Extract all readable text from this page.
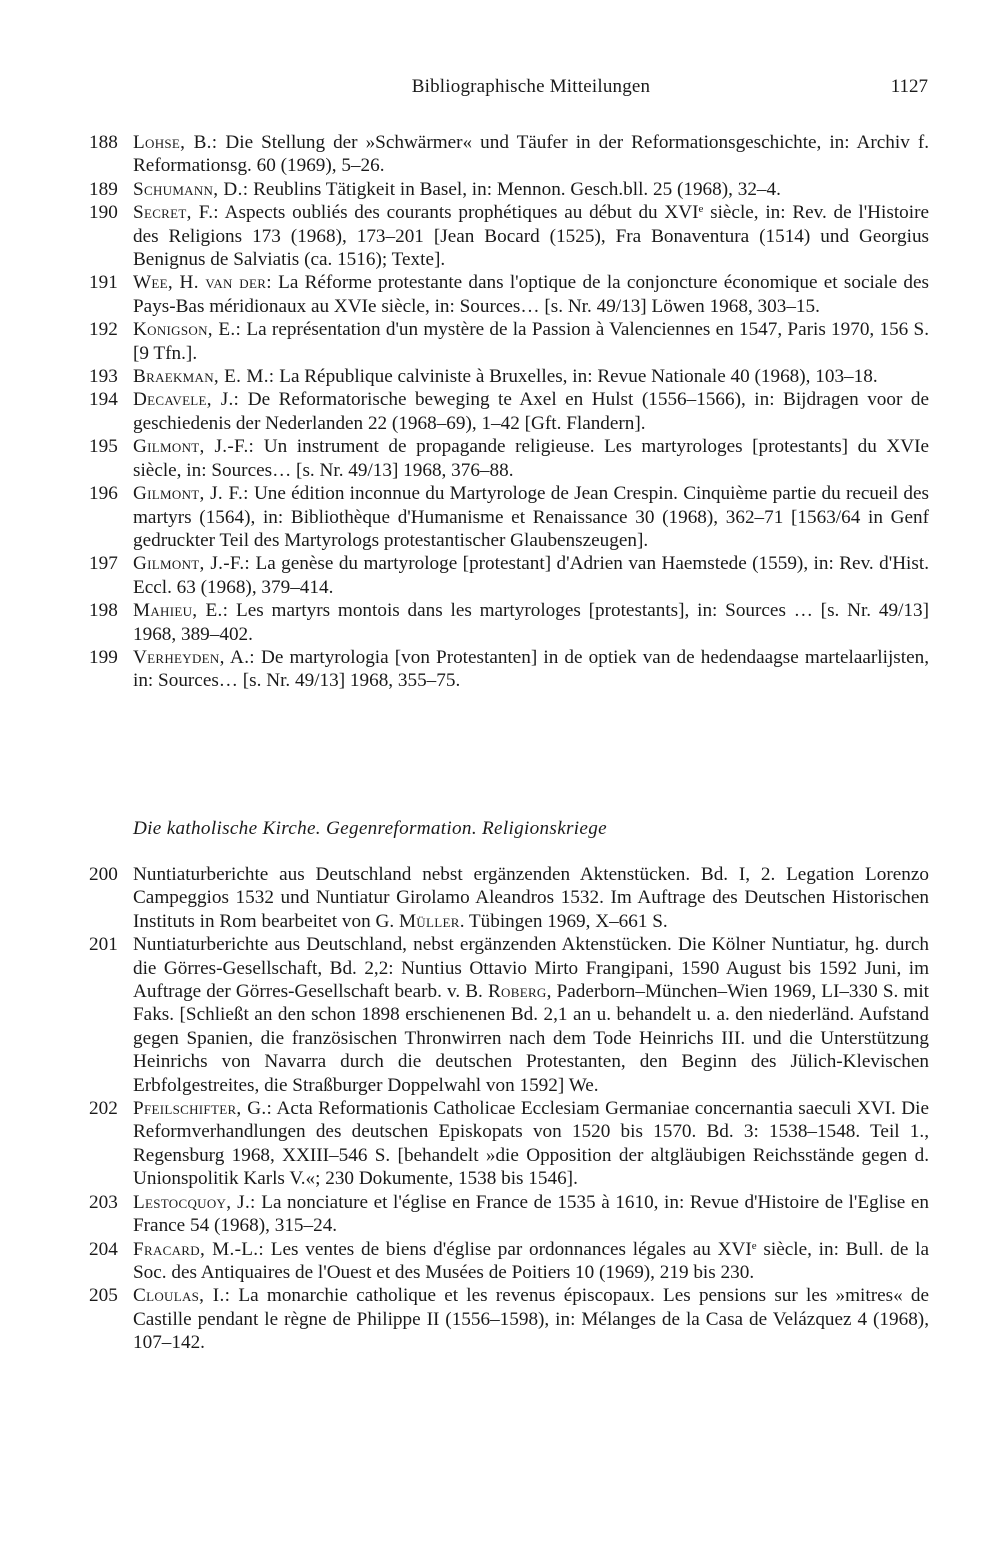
Bibliographische Mitteilungen	1127
188 Lohse, B.: Die Stellung der »Schwärmer« und Täufer in der Reformationsgeschichte, in: Archiv f. Reformationsg. 60 (1969), 5–26.
189 Schumann, D.: Reublins Tätigkeit in Basel, in: Mennon. Gesch.bll. 25 (1968), 32–4.
190 Secret, F.: Aspects oubliés des courants prophétiques au début du XVIe siècle, in: Rev. de l'Histoire des Religions 173 (1968), 173–201 [Jean Bocard (1525), Fra Bonaventura (1514) und Georgius Benignus de Salviatis (ca. 1516); Texte].
191 Wee, H. van der: La Réforme protestante dans l'optique de la conjoncture économique et sociale des Pays-Bas méridionaux au XVIe siècle, in: Sources… [s. Nr. 49/13] Löwen 1968, 303–15.
192 Konigson, E.: La représentation d'un mystère de la Passion à Valenciennes en 1547, Paris 1970, 156 S. [9 Tfn.].
193 Braekman, E. M.: La République calviniste à Bruxelles, in: Revue Nationale 40 (1968), 103–18.
194 Decavele, J.: De Reformatorische beweging te Axel en Hulst (1556–1566), in: Bijdragen voor de geschiedenis der Nederlanden 22 (1968–69), 1–42 [Gft. Flandern].
195 Gilmont, J.-F.: Un instrument de propagande religieuse. Les martyrologes [protestants] du XVIe siècle, in: Sources… [s. Nr. 49/13] 1968, 376–88.
196 Gilmont, J. F.: Une édition inconnue du Martyrologe de Jean Crespin. Cinquième partie du recueil des martyrs (1564), in: Bibliothèque d'Humanisme et Renaissance 30 (1968), 362–71 [1563/64 in Genf gedruckter Teil des Martyrologs protestantischer Glaubenszeugen].
197 Gilmont, J.-F.: La genèse du martyrologe [protestant] d'Adrien van Haemstede (1559), in: Rev. d'Hist. Eccl. 63 (1968), 379–414.
198 Mahieu, E.: Les martyrs montois dans les martyrologes [protestants], in: Sources … [s. Nr. 49/13] 1968, 389–402.
199 Verheyden, A.: De martyrologia [von Protestanten] in de optiek van de hedendaagse martelaarlijsten, in: Sources… [s. Nr. 49/13] 1968, 355–75.
Die katholische Kirche. Gegenreformation. Religionskriege
200 Nuntiaturberichte aus Deutschland nebst ergänzenden Aktenstücken. Bd. I, 2. Legation Lorenzo Campeggios 1532 und Nuntiatur Girolamo Aleandros 1532. Im Auftrage des Deutschen Historischen Instituts in Rom bearbeitet von G. Müller. Tübingen 1969, X–661 S.
201 Nuntiaturberichte aus Deutschland, nebst ergänzenden Aktenstücken. Die Kölner Nuntiatur, hg. durch die Görres-Gesellschaft, Bd. 2,2: Nuntius Ottavio Mirto Frangipani, 1590 August bis 1592 Juni, im Auftrage der Görres-Gesellschaft bearb. v. B. Roberg, Paderborn–München–Wien 1969, LI–330 S. mit Faks. [Schließt an den schon 1898 erschienenen Bd. 2,1 an u. behandelt u. a. den niederländ. Aufstand gegen Spanien, die französischen Thronwirren nach dem Tode Heinrichs III. und die Unterstützung Heinrichs von Navarra durch die deutschen Protestanten, den Beginn des Jülich-Klevischen Erbfolgestreites, die Straßburger Doppelwahl von 1592] We.
202 Pfeilschifter, G.: Acta Reformationis Catholicae Ecclesiam Germaniae concernantia saeculi XVI. Die Reformverhandlungen des deutschen Episkopats von 1520 bis 1570. Bd. 3: 1538–1548. Teil 1., Regensburg 1968, XXIII–546 S. [behandelt »die Opposition der altgläubigen Reichsstände gegen d. Unionspolitik Karls V.«; 230 Dokumente, 1538 bis 1546].
203 Lestocquoy, J.: La nonciature et l'église en France de 1535 à 1610, in: Revue d'Histoire de l'Eglise en France 54 (1968), 315–24.
204 Fracard, M.-L.: Les ventes de biens d'église par ordonnances légales au XVIe siècle, in: Bull. de la Soc. des Antiquaires de l'Ouest et des Musées de Poitiers 10 (1969), 219 bis 230.
205 Cloulas, I.: La monarchie catholique et les revenus épiscopaux. Les pensions sur les »mitres« de Castille pendant le règne de Philippe II (1556–1598), in: Mélanges de la Casa de Velázquez 4 (1968), 107–142.
